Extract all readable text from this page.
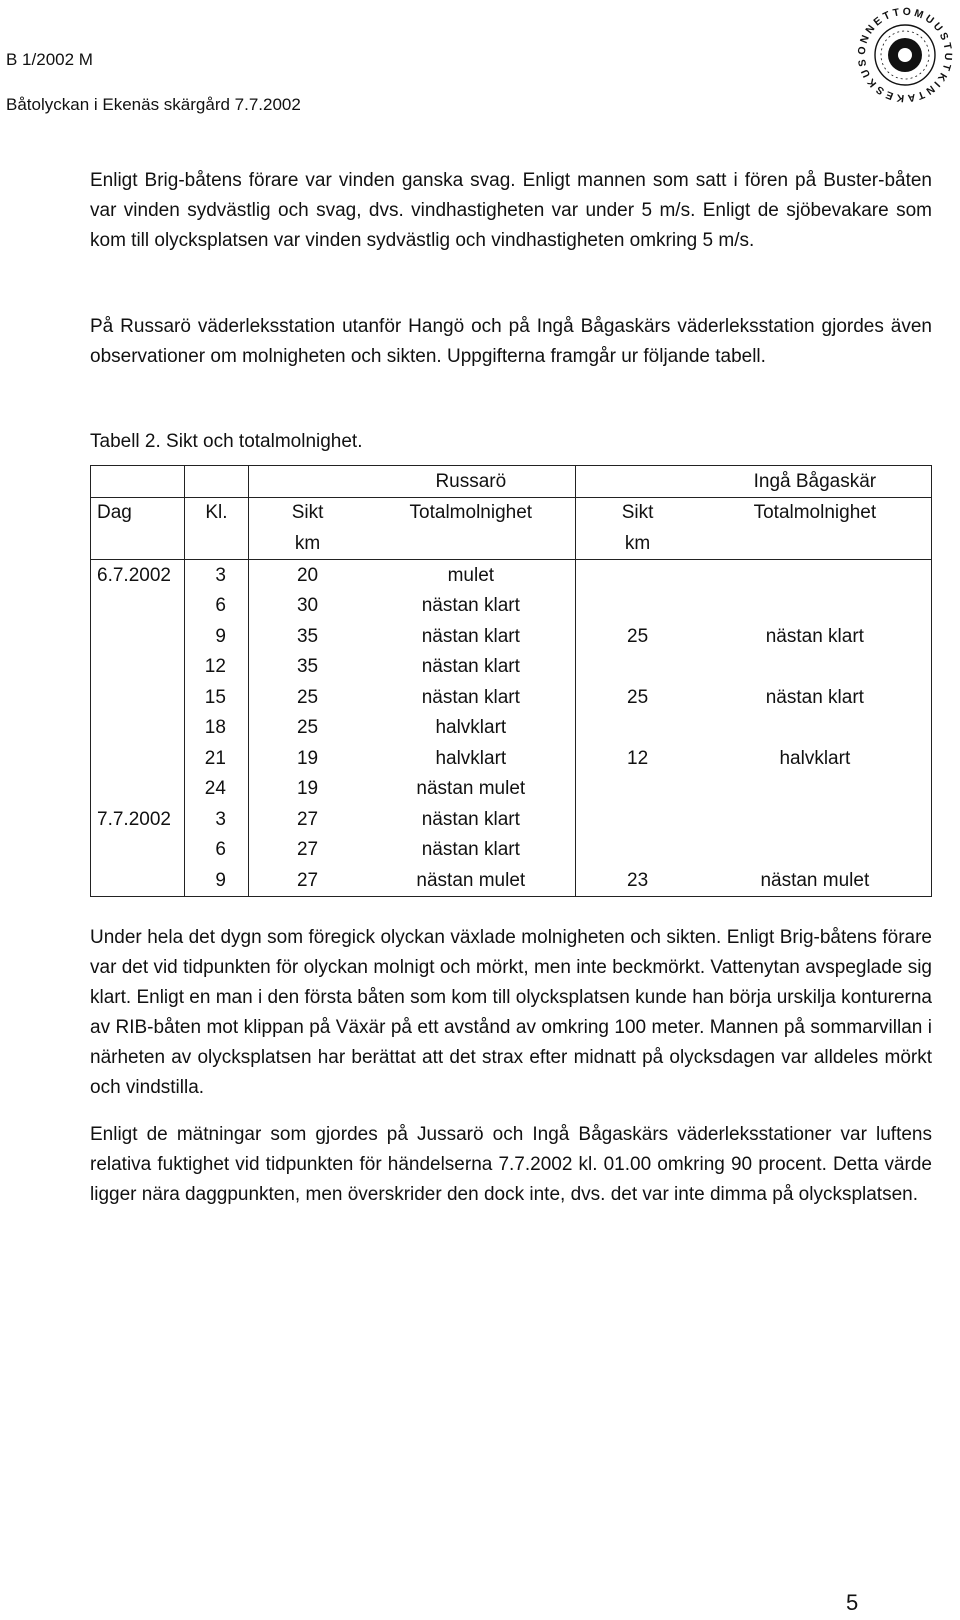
B 1/2002 M
Båtolyckan i Ekenäs skärgård 7.7.2002
ONNETTOMUUSTUTKINTAKESKUS

Enligt Brig-båtens förare var vinden ganska svag. Enligt mannen som satt i fören på Buster-båten var vinden sydvästlig och svag, dvs. vindhastigheten var under 5 m/s. Enligt de sjöbevakare som kom till olycksplatsen var vinden sydvästlig och vindhastigheten omkring 5 m/s.

På Russarö väderleksstation utanför Hangö och på Ingå Bågaskärs väderleksstation gjordes även observationer om molnigheten och sikten. Uppgifterna framgår ur följande tabell.

Tabell 2. Sikt och totalmolnighet.
			Russarö		Ingå Bågaskär
Dag	Kl.	Sikt	Totalmolnighet	Sikt	Totalmolnighet
		km		km	
6.7.2002	3	20	mulet		
	6	30	nästan klart		
	9	35	nästan klart	25	nästan klart
	12	35	nästan klart		
	15	25	nästan klart	25	nästan klart
	18	25	halvklart		
	21	19	halvklart	12	halvklart
	24	19	nästan mulet		
7.7.2002	3	27	nästan klart		
	6	27	nästan klart		
	9	27	nästan mulet	23	nästan mulet

Under hela det dygn som föregick olyckan växlade molnigheten och sikten. Enligt Brig-båtens förare var det vid tidpunkten för olyckan molnigt och mörkt, men inte beckmörkt. Vattenytan avspeglade sig klart. Enligt en man i den första båten som kom till olycksplatsen kunde han börja urskilja konturerna av RIB-båten mot klippan på Växär på ett avstånd av omkring 100 meter. Mannen på sommarvillan i närheten av olycksplatsen har berättat att det strax efter midnatt på olycksdagen var alldeles mörkt och vindstilla.

Enligt de mätningar som gjordes på Jussarö och Ingå Bågaskärs väderleksstationer var luftens relativa fuktighet vid tidpunkten för händelserna 7.7.2002 kl. 01.00 omkring 90 procent. Detta värde ligger nära daggpunkten, men överskrider den dock inte, dvs. det var inte dimma på olycksplatsen.

5
